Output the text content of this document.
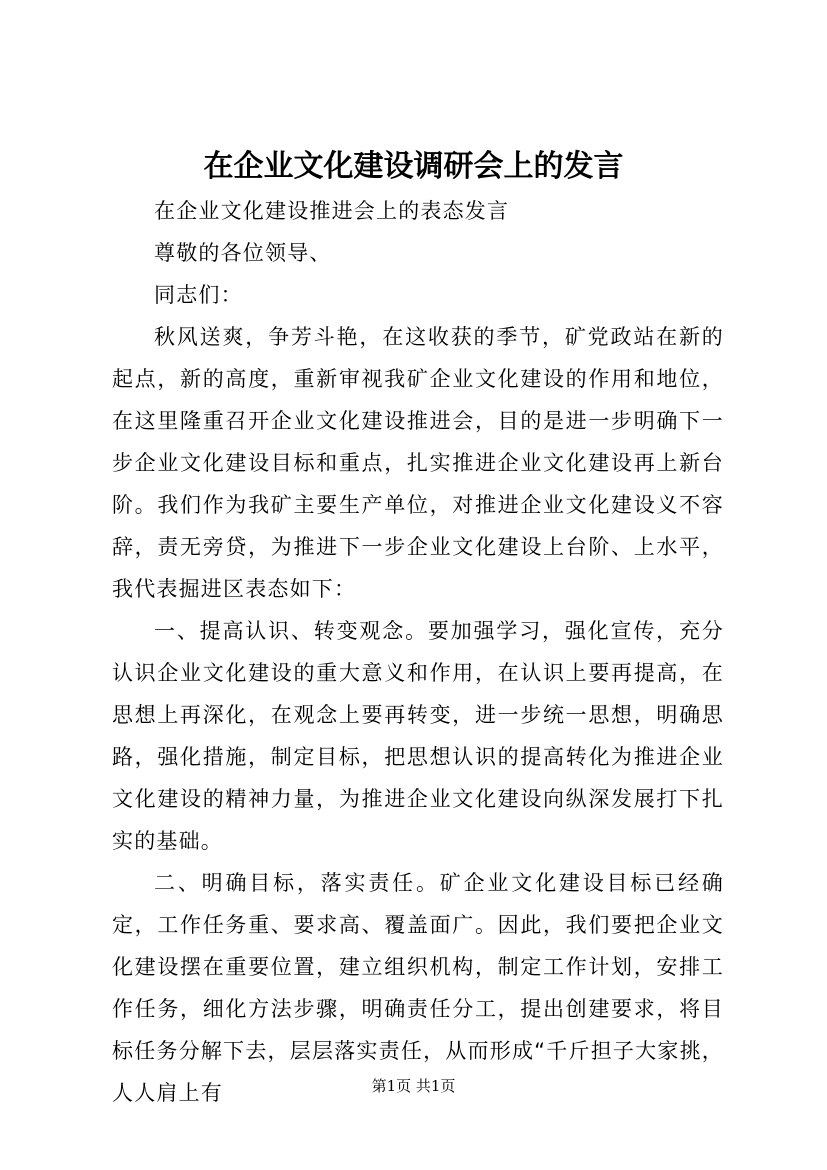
在企业文化建设调研会上的发言

在企业文化建设推进会上的表态发言

尊敬的各位领导、

同志们：

秋风送爽，争芳斗艳，在这收获的季节，矿党政站在新的起点，新的高度，重新审视我矿企业文化建设的作用和地位，在这里隆重召开企业文化建设推进会，目的是进一步明确下一步企业文化建设目标和重点，扎实推进企业文化建设再上新台阶。我们作为我矿主要生产单位，对推进企业文化建设义不容辞，责无旁贷，为推进下一步企业文化建设上台阶、上水平，我代表掘进区表态如下：

一、提高认识、转变观念。要加强学习，强化宣传，充分认识企业文化建设的重大意义和作用，在认识上要再提高，在思想上再深化，在观念上要再转变，进一步统一思想，明确思路，强化措施，制定目标，把思想认识的提高转化为推进企业文化建设的精神力量，为推进企业文化建设向纵深发展打下扎实的基础。

二、明确目标，落实责任。矿企业文化建设目标已经确定，工作任务重、要求高、覆盖面广。因此，我们要把企业文化建设摆在重要位置，建立组织机构，制定工作计划，安排工作任务，细化方法步骤，明确责任分工，提出创建要求，将目标任务分解下去，层层落实责任，从而形成“千斤担子大家挑，人人肩上有	第1页 共1页
